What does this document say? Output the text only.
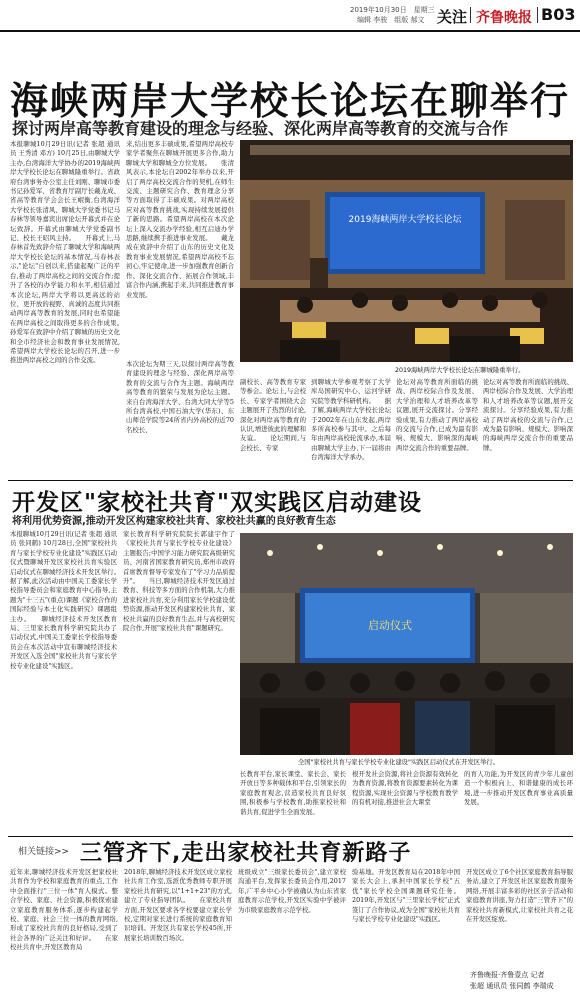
2019年10月30日　星期三
编辑 李骏　组版 郝文 关注 齐鲁晚报 B03
海峡两岸大学校长论坛在聊举行
探讨两岸高等教育建设的理念与经验、深化两岸高等教育的交流与合作
本报聊城10月29日讯(记者 张超 通讯员 王秀清 邓方) 10月25日,由聊城大学主办,台湾海洋大学协办的2019海峡两岸大学校长论坛在聊城隆重举行。省政府台湾事务办公室主任刘刚、聊城市委书记孙爱军、省教育厅副厅长戴龙成、省高等教育学会会长王岷衡,台湾海洋大学校长张清风、聊城大学党委书记马春林等领导嘉宾出席论坛开幕式并在论坛致辞。开幕式由聊城大学党委副书记、校长王昭风主持。　　开幕式上,马春林首先致辞介绍了聊城大学和海峡两岸大学校长论坛的基本情况,马春林表示,"论坛"自创以来,搭建起聚广泛的平台,推动了两岸高校之间的交流合作;提升了各校的办学能力和水平,相信通过本次论坛,两岸大学将以更高远的站位、更开放的视野、真诚的态度共同推动两岸高等教育的发展,同时也希望能在两岸高校之间取得更多的合作成果。　　孙爱军在致辞中介绍了聊城的历史文化和全市经济社会和教育事业发展情况,希望两岸大学校长论坛的召开,进一步推进两岸高校之间的合作交流。
来,结出更多丰硕成果,希望两岸高校专家学者聚焦在聊城开展更多合作,助力聊城大学和聊城全方位发展。　　张清风表示,本论坛自2002年举办以来,开启了两岸高校交流合作的契机,在师生交流、主题研究合作、教育理念分享等方面取得了丰硕成果。对两岸高校应对高等教育挑战,实现持续发展提供了新的思路。希望两岸高校在本次论坛上深入交流办学经验,相互启迪办学思路,继续携手推进事业发展。　　戴龙成在致辞中介绍了山东的历史文化及教育事业发展情况,希望两岸高校不忘初心,牢记使命,进一步加强教育创新合作、深化交流合作、拓展合作领域,丰富合作内涵,携起手来,共同推进教育事业发展。
本次论坛为期三天,以探讨两岸高等教育建设的理念与经验、深化两岸高等教育的交流与合作为主题。海峡两岸高等教育的繁荣与发展为论坛主题。来自台湾海洋大学、台湾大同大学等5所台湾高校,中国石油大学(华东)、东山师范学院等24所省内外高校的近70名校长、
2019海峡两岸大学校长论坛
2019海峡两岸大学校长论坛在聊城隆重举行。
副校长、高等教育专家等参会。论坛上,与会校长、专家学者围绕大会主题展开了热烈的讨论,深化对两岸高等教育的认识,增进彼此的理解和友谊。　　论坛期间,与会校长、专家
到聊城大学参观考察了大学库岛国研究中心、运河学研究院等教学科研机构。　　据了解,海峡两岸大学校长论坛于2002年在山东发起,两岸多所高校参与其中。之后每年由两岸高校轮流承办,本届由聊城大学主办,下一届将由台湾海洋大学承办。
论坛对高等教育所面临的挑战、两岸校际合作及发展、大学治理和人才培养改革等议题,展开交流探讨。分享经验成果,有力推动了两岸高校的交流与合作,已成为最有影响、规模大、影响深的海峡两岸交流合作的重要品牌。
论坛对高等教育所面临的挑战、两岸校际合作及发展、大学治理和人才培养改革等议题,展开交流探讨。分享经验成果,有力推动了两岸高校的交流与合作,已成为最有影响、规模大、影响深的海峡两岸交流合作的重要品牌。
开发区"家校社共育"双实践区启动建设
将利用优势资源,推动开发区构建家校社共育、家校社共赢的良好教育生态
本报聊城10月29日讯(记者 张超 通讯员 张同鹤) 10月28日,全国"家校社共育与家长学校专业化建设"实践区启动仪式暨聊城开发区家校社共育实验区启动仪式在聊城经济技术开发区举行。　　据了解,此次活动由中国关工委家长学校指导委员会和家庭教育中心指导,主题为"十三五"(重点)课题《家校合作的国际经验与本土化实践研究》课题组主办。　　聊城经济技术开发区教育局、三里家长教育科学研究院共办了启动仪式,中国关工委家长学校指导委员会在本次活动中宣布聊城经济技术开发区入选全国"家校社共育与家长学校专业化建设"实践区。
家长教育科学研究院院长郭建宇作了《家校社共育与家长学校专业化建设》主题报告;中国学习能力研究院高级研究员、河南省国家教育研究员,郑州市政府首席教育督导专家发布了"学习力品质提升"。　　当日,聊城经济技术开发区通过教育、科技等多方面的合作机制,大力推进家校社共育,充分利用家长学校建设优势资源,推动开发区构建家校社共育、家校社共赢的良好教育生态,并与高校研究院合作,开展"家校社共育"课题研究。	启动仪式
全国"家校社共育与家长学校专业化建设"实践区启动仪式在开发区举行。
长教育平台,家长课堂、家长会、家长开放日等多种载体和平台,引领家长的家庭教育观念,营造家校共育良好氛围,积极参与学校教育,助推家校社和谐共育,促进学生全面发展。
根开发社会资源,将社会资源有效转化为教育资源,将教育资源要素转化为课程资源,实现社会资源与学校教育教学的有机对接,推进社会大课堂
的育人功能,为开发区的青少年儿童创造一个积极向上、和谐健康的成长环境,进一步推动开发区教育事业高质量发展。
相关链接>> 三管齐下,走出家校社共育新路子
近年来,聊城经济技术开发区把家校社共育作为学校和家庭教育的重点,工作中全面推行"三位一体"育人模式。整合学校、家庭、社会资源,积极探索建立家庭教育服务体系,逐步构建起学校、家庭、社会三位一体的教育网络,形成了家校社共育的良好格局,受到了社会各界的广泛关注和好评。　　在家校社共育中,开发区教育局
2018年,聊城经济技术开发区成立家校社共育工作室,选派优秀教师专职开展家校社共育研究,以"1+1+23"的方式,建立了专业指导团队。　　在家校共育方面,开发区要求各学校要建立家长学校,定期对家长进行系统的家庭教育知识培训。开发区共有家长学校45所,开展家长培训数百场次。
班级成立"三级家长委员会",建立家校沟通平台,发挥家长委员会作用,2017年,广平乡中心小学被确认为山东省家庭教育示范学校,开发区实验中学被评为市级家庭教育示范学校。
验基地。开发区教育局在2018年中国家长大会上,承担中国家长学校"五优"家长学校全国课题研究任务。2019年,开发区与"三里家长学校"正式签订了合作协议,成为全国"家校社共育与家长学校专业化建设"实践区。
开发区成立了6个社区家庭教育指导服务站,建立了开发区社区家庭教育服务网络,开展丰富多彩的社区亲子活动和家庭教育讲座,努力打造"三管齐下"的家校社共育新模式,让家校社共育之花在开发区绽放。
齐鲁晚报·齐鲁壹点 记者
张超 通讯员 张同鹤 李瑞成
